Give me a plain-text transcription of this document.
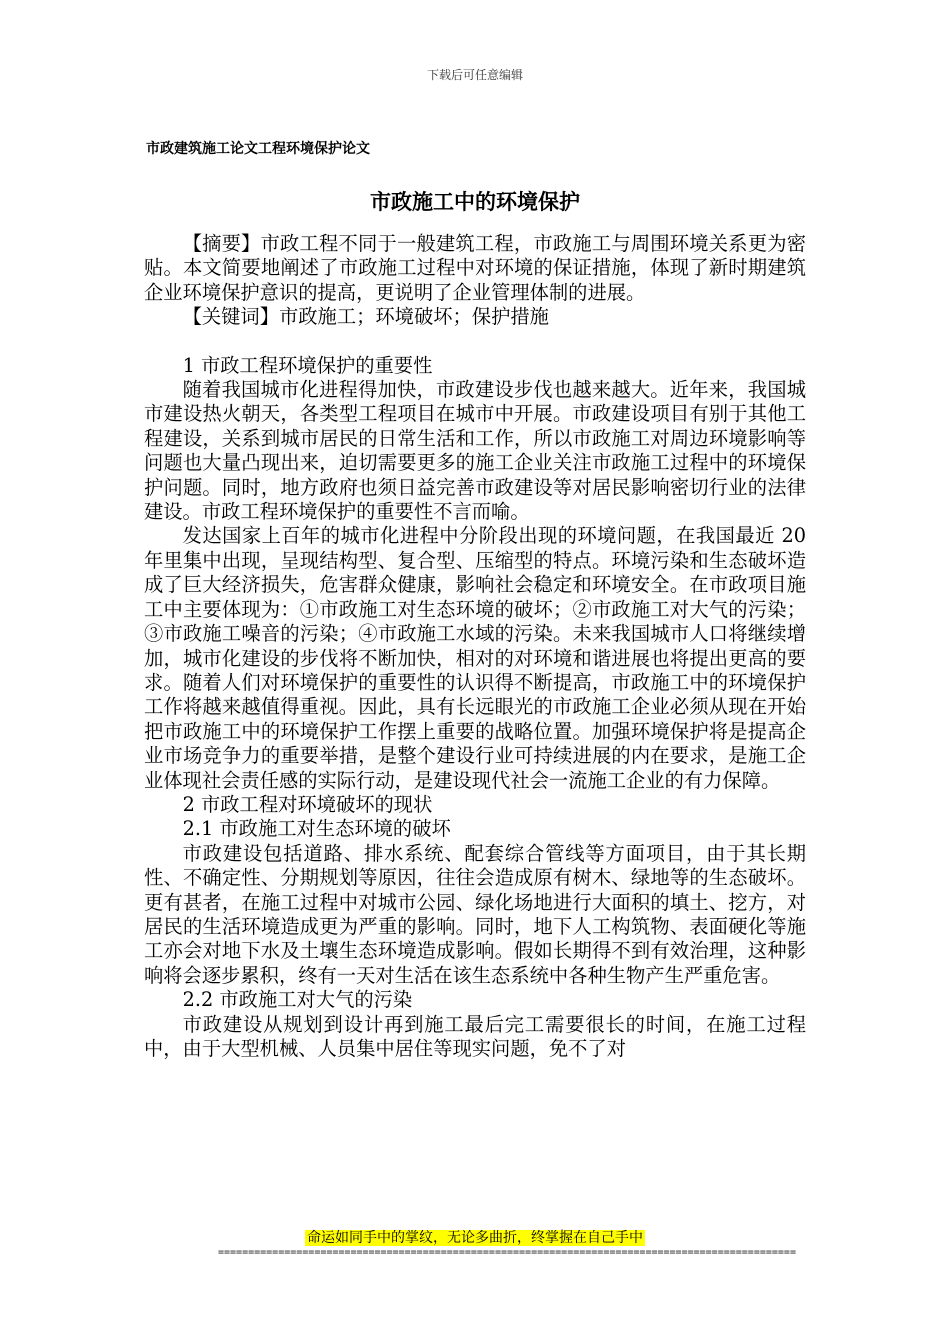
下载后可任意编辑
市政建筑施工论文工程环境保护论文
市政施工中的环境保护

【摘要】市政工程不同于一般建筑工程，市政施工与周围环境关系更为密贴。本文简要地阐述了市政施工过程中对环境的保证措施，体现了新时期建筑企业环境保护意识的提高，更说明了企业管理体制的进展。

【关键词】市政施工；环境破坏；保护措施

1 市政工程环境保护的重要性

随着我国城市化进程得加快，市政建设步伐也越来越大。近年来，我国城市建设热火朝天，各类型工程项目在城市中开展。市政建设项目有别于其他工程建设，关系到城市居民的日常生活和工作，所以市政施工对周边环境影响等问题也大量凸现出来，迫切需要更多的施工企业关注市政施工过程中的环境保护问题。同时，地方政府也须日益完善市政建设等对居民影响密切行业的法律建设。市政工程环境保护的重要性不言而喻。

发达国家上百年的城市化进程中分阶段出现的环境问题，在我国最近 20 年里集中出现，呈现结构型、复合型、压缩型的特点。环境污染和生态破坏造成了巨大经济损失，危害群众健康，影响社会稳定和环境安全。在市政项目施工中主要体现为：①市政施工对生态环境的破坏；②市政施工对大气的污染；③市政施工噪音的污染；④市政施工水域的污染。未来我国城市人口将继续增加，城市化建设的步伐将不断加快，相对的对环境和谐进展也将提出更高的要求。随着人们对环境保护的重要性的认识得不断提高，市政施工中的环境保护工作将越来越值得重视。因此，具有长远眼光的市政施工企业必须从现在开始把市政施工中的环境保护工作摆上重要的战略位置。加强环境保护将是提高企业市场竞争力的重要举措，是整个建设行业可持续进展的内在要求，是施工企业体现社会责任感的实际行动，是建设现代社会一流施工企业的有力保障。

2 市政工程对环境破坏的现状

2.1 市政施工对生态环境的破坏

市政建设包括道路、排水系统、配套综合管线等方面项目，由于其长期性、不确定性、分期规划等原因，往往会造成原有树木、绿地等的生态破坏。更有甚者，在施工过程中对城市公园、绿化场地进行大面积的填土、挖方，对居民的生活环境造成更为严重的影响。同时，地下人工构筑物、表面硬化等施工亦会对地下水及土壤生态环境造成影响。假如长期得不到有效治理，这种影响将会逐步累积，终有一天对生活在该生态系统中各种生物产生严重危害。

2.2 市政施工对大气的污染

市政建设从规划到设计再到施工最后完工需要很长的时间，在施工过程中，由于大型机械、人员集中居住等现实问题，免不了对

命运如同手中的掌纹，无论多曲折，终掌握在自己手中
================================================================================================
